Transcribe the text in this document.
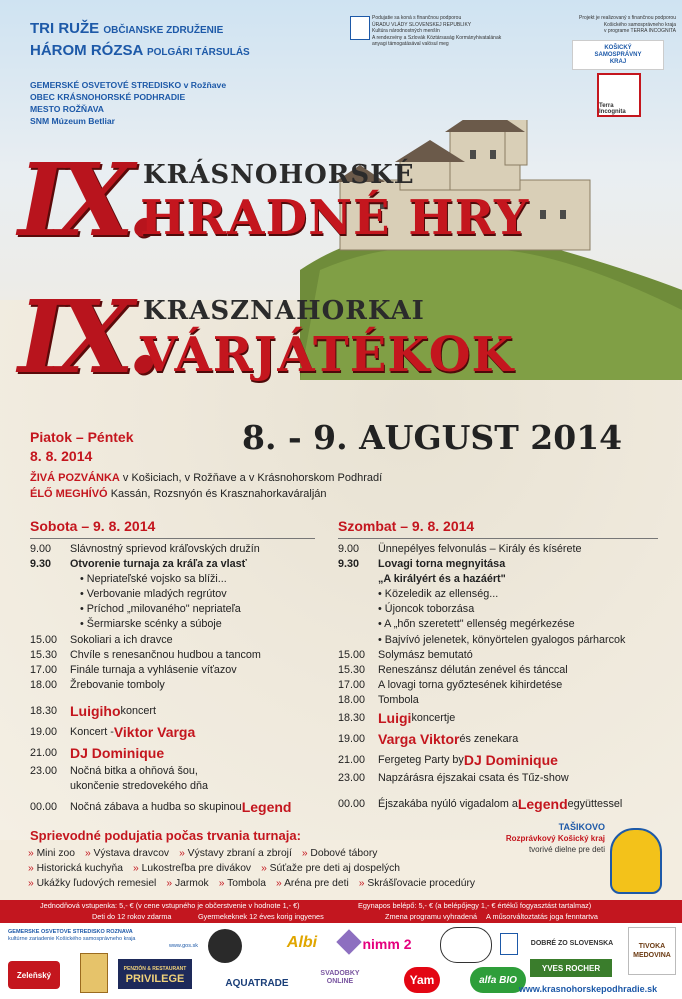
TRI RUŽE OBČIANSKE ZDRUŽENIE
HÁROM RÓZSA POLGÁRI TÁRSULÁS
GEMERSKÉ OSVETOVÉ STREDISKO v Rožňave
OBEC KRÁSNOHORSKÉ PODHRADIE
MESTO ROŽŇAVA
SNM Múzeum Betliar
Podujatie sa koná s finančnou podporou
ÚRADU VLÁDY SLOVENSKEJ REPUBLIKY
Kultúra národnostných menšín
A rendezvény a Szlovák Köztársaság Kormányhivatalának
anyagi támogatásával valósul meg
Projekt je realizovaný s finančnou podporou
Košického samosprávneho kraja
v programe TERRA INCOGNITA
KOŠICKÝ SAMOSPRÁVNY KRAJ
Terra Incognita
IX.
KRÁSNOHORSKÉ
HRADNÉ HRY
IX.
KRASZNAHORKAI
VÁRJÁTÉKOK
8. - 9. AUGUST 2014
Piatok – Péntek
8. 8. 2014
ŽIVÁ POZVÁNKA v Košiciach, v Rožňave a v Krásnohorskom Podhradí
ÉLŐ MEGHÍVÓ Kassán, Rozsnyón és Krasznahorkaváralján
Sobota – 9. 8. 2014
9.00	Slávnostný sprievod kráľovských družín
9.30	Otvorenie turnaja za kráľa za vlasť
• Nepriateľské vojsko sa blíži...
• Verbovanie mladých regrútov
• Príchod „milovaného" nepriateľa
• Šermiarske scénky a súboje
15.00	Sokoliari a ich dravce
15.30	Chvíle s renesančnou hudbou a tancom
17.00	Finále turnaja a vyhlásenie víťazov
18.00	Žrebovanie tomboly
18.30 Luigiho koncert
19.00	Koncert - Viktor Varga
21.00 DJ Dominique
23.00	Nočná bitka a ohňová šou, ukončenie stredovekého dňa
00.00	Nočná zábava a hudba so skupinou Legend
Szombat – 9. 8. 2014
9.00	Ünnepélyes felvonulás – Király és kísérete
9.30	Lovagi torna megnyitása
„A királyért és a hazáért"
• Közeledik az ellenség...
• Újoncok toborzása
• A „hőn szeretett" ellenség megérkezése
• Bajvívó jelenetek, könyörtelen gyalogos párharcok
15.00	Solymász bemutató
15.30	Reneszánsz délután zenével és tánccal
17.00	A lovagi torna győztesének kihirdetése
18.00	Tombola
18.30 Luigi koncertje
19.00 Varga Viktor és zenekara
21.00	Fergeteg Party by DJ Dominique
23.00	Napzárásra éjszakai csata és Tűz-show
00.00	Éjszakába nyúló vigadalom a Legend együttessel
Sprievodné podujatia počas trvania turnaja:
» Mini zoo » Výstava dravcov » Výstavy zbraní a zbrojí » Dobové tábory
» Historická kuchyňa » Lukostreľba pre divákov » Súťaže pre deti aj dospelých
» Ukážky ľudových remesiel » Jarmok » Tombola » Aréna pre deti » Skrášľovacie procedúry
TAŠIKOVO
Rozprávkový Košický kraj
tvorivé dielne pre deti
Jednodňová vstupenka: 5,- € (v cene vstupného je občerstvenie v hodnote 1,- €)	Egynapos belépő: 5,- € (a belépőjegy 1,- € értékű fogyasztást tartalmaz)
Deti do 12 rokov zdarma	Gyermekeknek 12 éves korig ingyenes	Zmena programu vyhradená A műsorváltoztatás joga fenntartva
GEMERSKÉ OSVETOVÉ STREDISKO ROŽŇAVA
kultúrne zariadenie Košického samosprávneho kraja
www.gos.sk
Zeleňský
PENZIÓN & RESTAURANT
PRIVILEGE	AQUATRADE
Albi
SVADOBKY ONLINE
nimm 2
Yam	alfa BIO
DOBRÉ ZO SLOVENSKA
YVES ROCHER
TIVOKA MEDOVINA
www.krasnohorskepodhradie.sk
